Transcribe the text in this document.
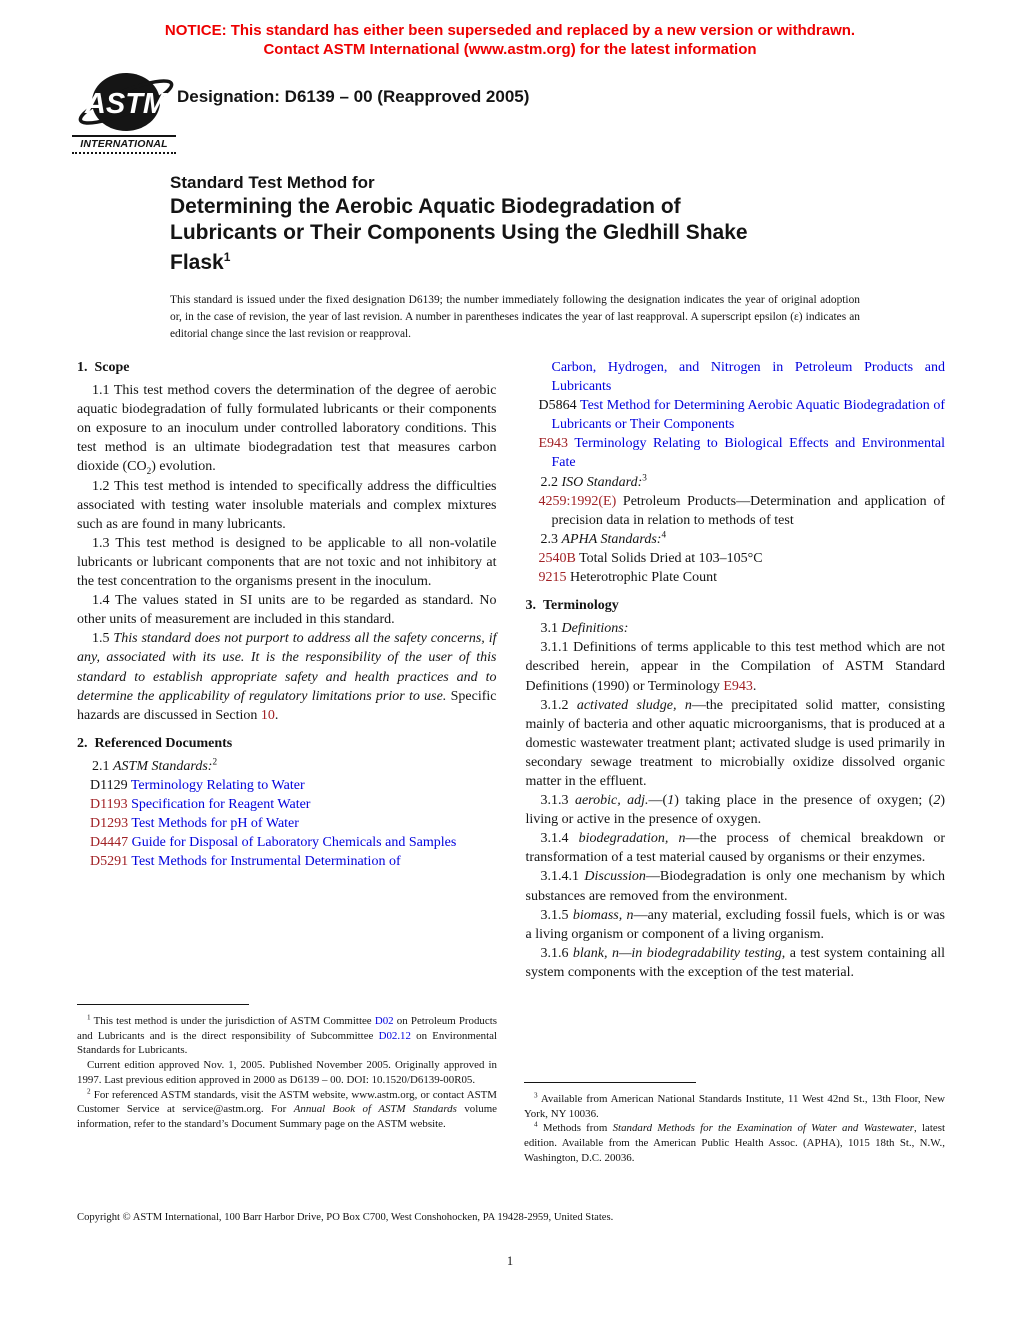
NOTICE: This standard has either been superseded and replaced by a new version or withdrawn.
Contact ASTM International (www.astm.org) for the latest information
ASTM
INTERNATIONAL
Designation: D6139 – 00 (Reapproved 2005)
Standard Test Method for
Determining the Aerobic Aquatic Biodegradation of
Lubricants or Their Components Using the Gledhill Shake
Flask$^1$
This standard is issued under the fixed designation D6139; the number immediately following the designation indicates the year of original adoption or, in the case of revision, the year of last revision. A number in parentheses indicates the year of last reapproval. A superscript epsilon (ε) indicates an editorial change since the last revision or reapproval.
1. Scope
1.1 This test method covers the determination of the degree of aerobic aquatic biodegradation of fully formulated lubricants or their components on exposure to an inoculum under controlled laboratory conditions. This test method is an ultimate biodegradation test that measures carbon dioxide $(CO_2)$ evolution.
1.2 This test method is intended to specifically address the difficulties associated with testing water insoluble materials and complex mixtures such as are found in many lubricants.
1.3 This test method is designed to be applicable to all non-volatile lubricants or lubricant components that are not toxic and not inhibitory at the test concentration to the organisms present in the inoculum.
1.4 The values stated in SI units are to be regarded as standard. No other units of measurement are included in this standard.
1.5 This standard does not purport to address all the safety concerns, if any, associated with its use. It is the responsibility of the user of this standard to establish appropriate safety and health practices and to determine the applicability of regulatory limitations prior to use. Specific hazards are discussed in Section 10.
2. Referenced Documents
2.1 ASTM Standards:$^2$
D1129 Terminology Relating to Water
D1193 Specification for Reagent Water
D1293 Test Methods for pH of Water
D4447 Guide for Disposal of Laboratory Chemicals and Samples
D5291 Test Methods for Instrumental Determination of
Carbon, Hydrogen, and Nitrogen in Petroleum Products and Lubricants
D5864 Test Method for Determining Aerobic Aquatic Biodegradation of Lubricants or Their Components
E943 Terminology Relating to Biological Effects and Environmental Fate
2.2 ISO Standard:$^3$
4259:1992(E) Petroleum Products—Determination and application of precision data in relation to methods of test
2.3 APHA Standards:$^4$
2540B Total Solids Dried at 103–105°C
9215 Heterotrophic Plate Count
3. Terminology
3.1 Definitions:
3.1.1 Definitions of terms applicable to this test method which are not described herein, appear in the Compilation of ASTM Standard Definitions (1990) or Terminology E943.
3.1.2 activated sludge, n—the precipitated solid matter, consisting mainly of bacteria and other aquatic microorganisms, that is produced at a domestic wastewater treatment plant; activated sludge is used primarily in secondary sewage treatment to microbially oxidize dissolved organic matter in the effluent.
3.1.3 aerobic, adj.—(1) taking place in the presence of oxygen; (2) living or active in the presence of oxygen.
3.1.4 biodegradation, n—the process of chemical breakdown or transformation of a test material caused by organisms or their enzymes.
3.1.4.1 Discussion—Biodegradation is only one mechanism by which substances are removed from the environment.
3.1.5 biomass, n—any material, excluding fossil fuels, which is or was a living organism or component of a living organism.
3.1.6 blank, n—in biodegradability testing, a test system containing all system components with the exception of the test material.
$^1$ This test method is under the jurisdiction of ASTM Committee D02 on Petroleum Products and Lubricants and is the direct responsibility of Subcommittee D02.12 on Environmental Standards for Lubricants.
Current edition approved Nov. 1, 2005. Published November 2005. Originally approved in 1997. Last previous edition approved in 2000 as D6139 – 00. DOI: 10.1520/D6139-00R05.
$^2$ For referenced ASTM standards, visit the ASTM website, www.astm.org, or contact ASTM Customer Service at service@astm.org. For Annual Book of ASTM Standards volume information, refer to the standard’s Document Summary page on the ASTM website.
$^3$ Available from American National Standards Institute, 11 West 42nd St., 13th Floor, New York, NY 10036.
$^4$ Methods from Standard Methods for the Examination of Water and Wastewater, latest edition. Available from the American Public Health Assoc. (APHA), 1015 18th St., N.W., Washington, D.C. 20036.
Copyright © ASTM International, 100 Barr Harbor Drive, PO Box C700, West Conshohocken, PA 19428-2959, United States.
1
